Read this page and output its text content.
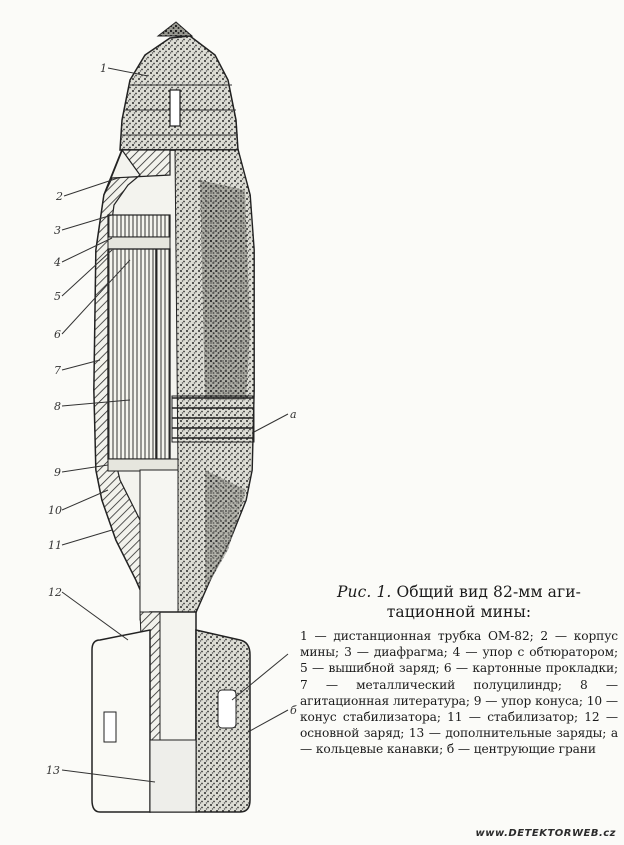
1
2
3
4
5
6
7
8
9
10
11
12
13
а
б

Рис. 1. Общий вид 82-мм аги-
тационной мины:

1 — дистанционная трубка ОМ-82; 2 — корпус мины; 3 — диафрагма; 4 — упор с обтюратором; 5 — вышибной заряд; 6 — картонные прокладки; 7 — металлический полуцилиндр; 8 — агитационная литература; 9 — упор конуса; 10 — конус стабилизатора; 11 — стабилизатор; 12 — основной заряд; 13 — дополнительные заряды; а — кольцевые канавки; б — центрующие грани

www.DETEKTORWEB.cz
